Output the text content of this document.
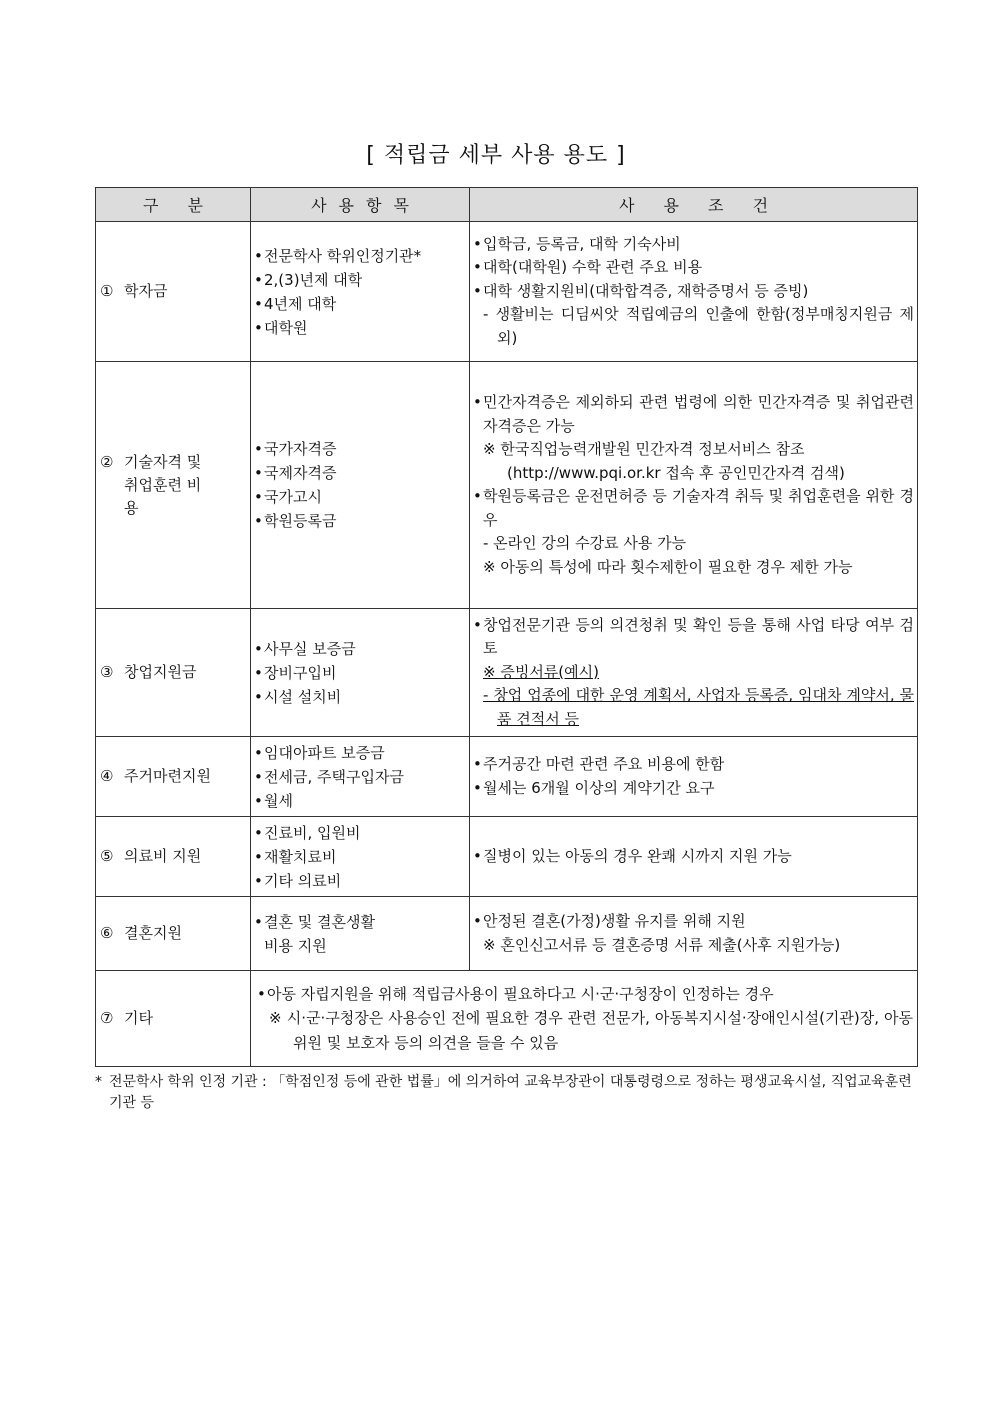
[ 적립금 세부 사용 용도 ]
구 분	사용항목	사 용 조 건
① 학자금	•전문학사 학위인정기관*
•2,(3)년제 대학
•4년제 대학
•대학원	•입학금, 등록금, 대학 기숙사비
•대학(대학원) 수학 관련 주요 비용
•대학 생활지원비(대학합격증, 재학증명서 등 증빙)
- 생활비는 디딤씨앗 적립예금의 인출에 한함(정부매칭지원금 제외)

② 기술자격 및 취업훈련 비용	•국가자격증
•국제자격증
•국가고시
•학원등록금	•민간자격증은 제외하되 관련 법령에 의한 민간자격증 및 취업관련 자격증은 가능
※ 한국직업능력개발원 민간자격 정보서비스 참조 (http://www.pqi.or.kr 접속 후 공인민간자격 검색)
•학원등록금은 운전면허증 등 기술자격 취득 및 취업훈련을 위한 경우
- 온라인 강의 수강료 사용 가능
※ 아동의 특성에 따라 횟수제한이 필요한 경우 제한 가능

③ 창업지원금	•사무실 보증금
•장비구입비
•시설 설치비	•창업전문기관 등의 의견청취 및 확인 등을 통해 사업 타당 여부 검토
※ 증빙서류(예시)
- 창업 업종에 대한 운영 계획서, 사업자 등록증, 임대차 계약서, 물품 견적서 등

④ 주거마련지원	•임대아파트 보증금
•전세금, 주택구입자금
•월세	•주거공간 마련 관련 주요 비용에 한함
•월세는 6개월 이상의 계약기간 요구

⑤ 의료비 지원	•진료비, 입원비
•재활치료비
•기타 의료비	•질병이 있는 아동의 경우 완쾌 시까지 지원 가능

⑥ 결혼지원	•결혼 및 결혼생활 비용 지원	•안정된 결혼(가정)생활 유지를 위해 지원
※ 혼인신고서류 등 결혼증명 서류 제출(사후 지원가능)

⑦ 기타	•아동 자립지원을 위해 적립금사용이 필요하다고 시·군·구청장이 인정하는 경우
※ 시·군·구청장은 사용승인 전에 필요한 경우 관련 전문가, 아동복지시설·장애인시설(기관)장, 아동위원 및 보호자 등의 의견을 들을 수 있음	
* 전문학사 학위 인정 기관 : 「학점인정 등에 관한 법률」에 의거하여 교육부장관이 대통령령으로 정하는 평생교육시설, 직업교육훈련기관 등
